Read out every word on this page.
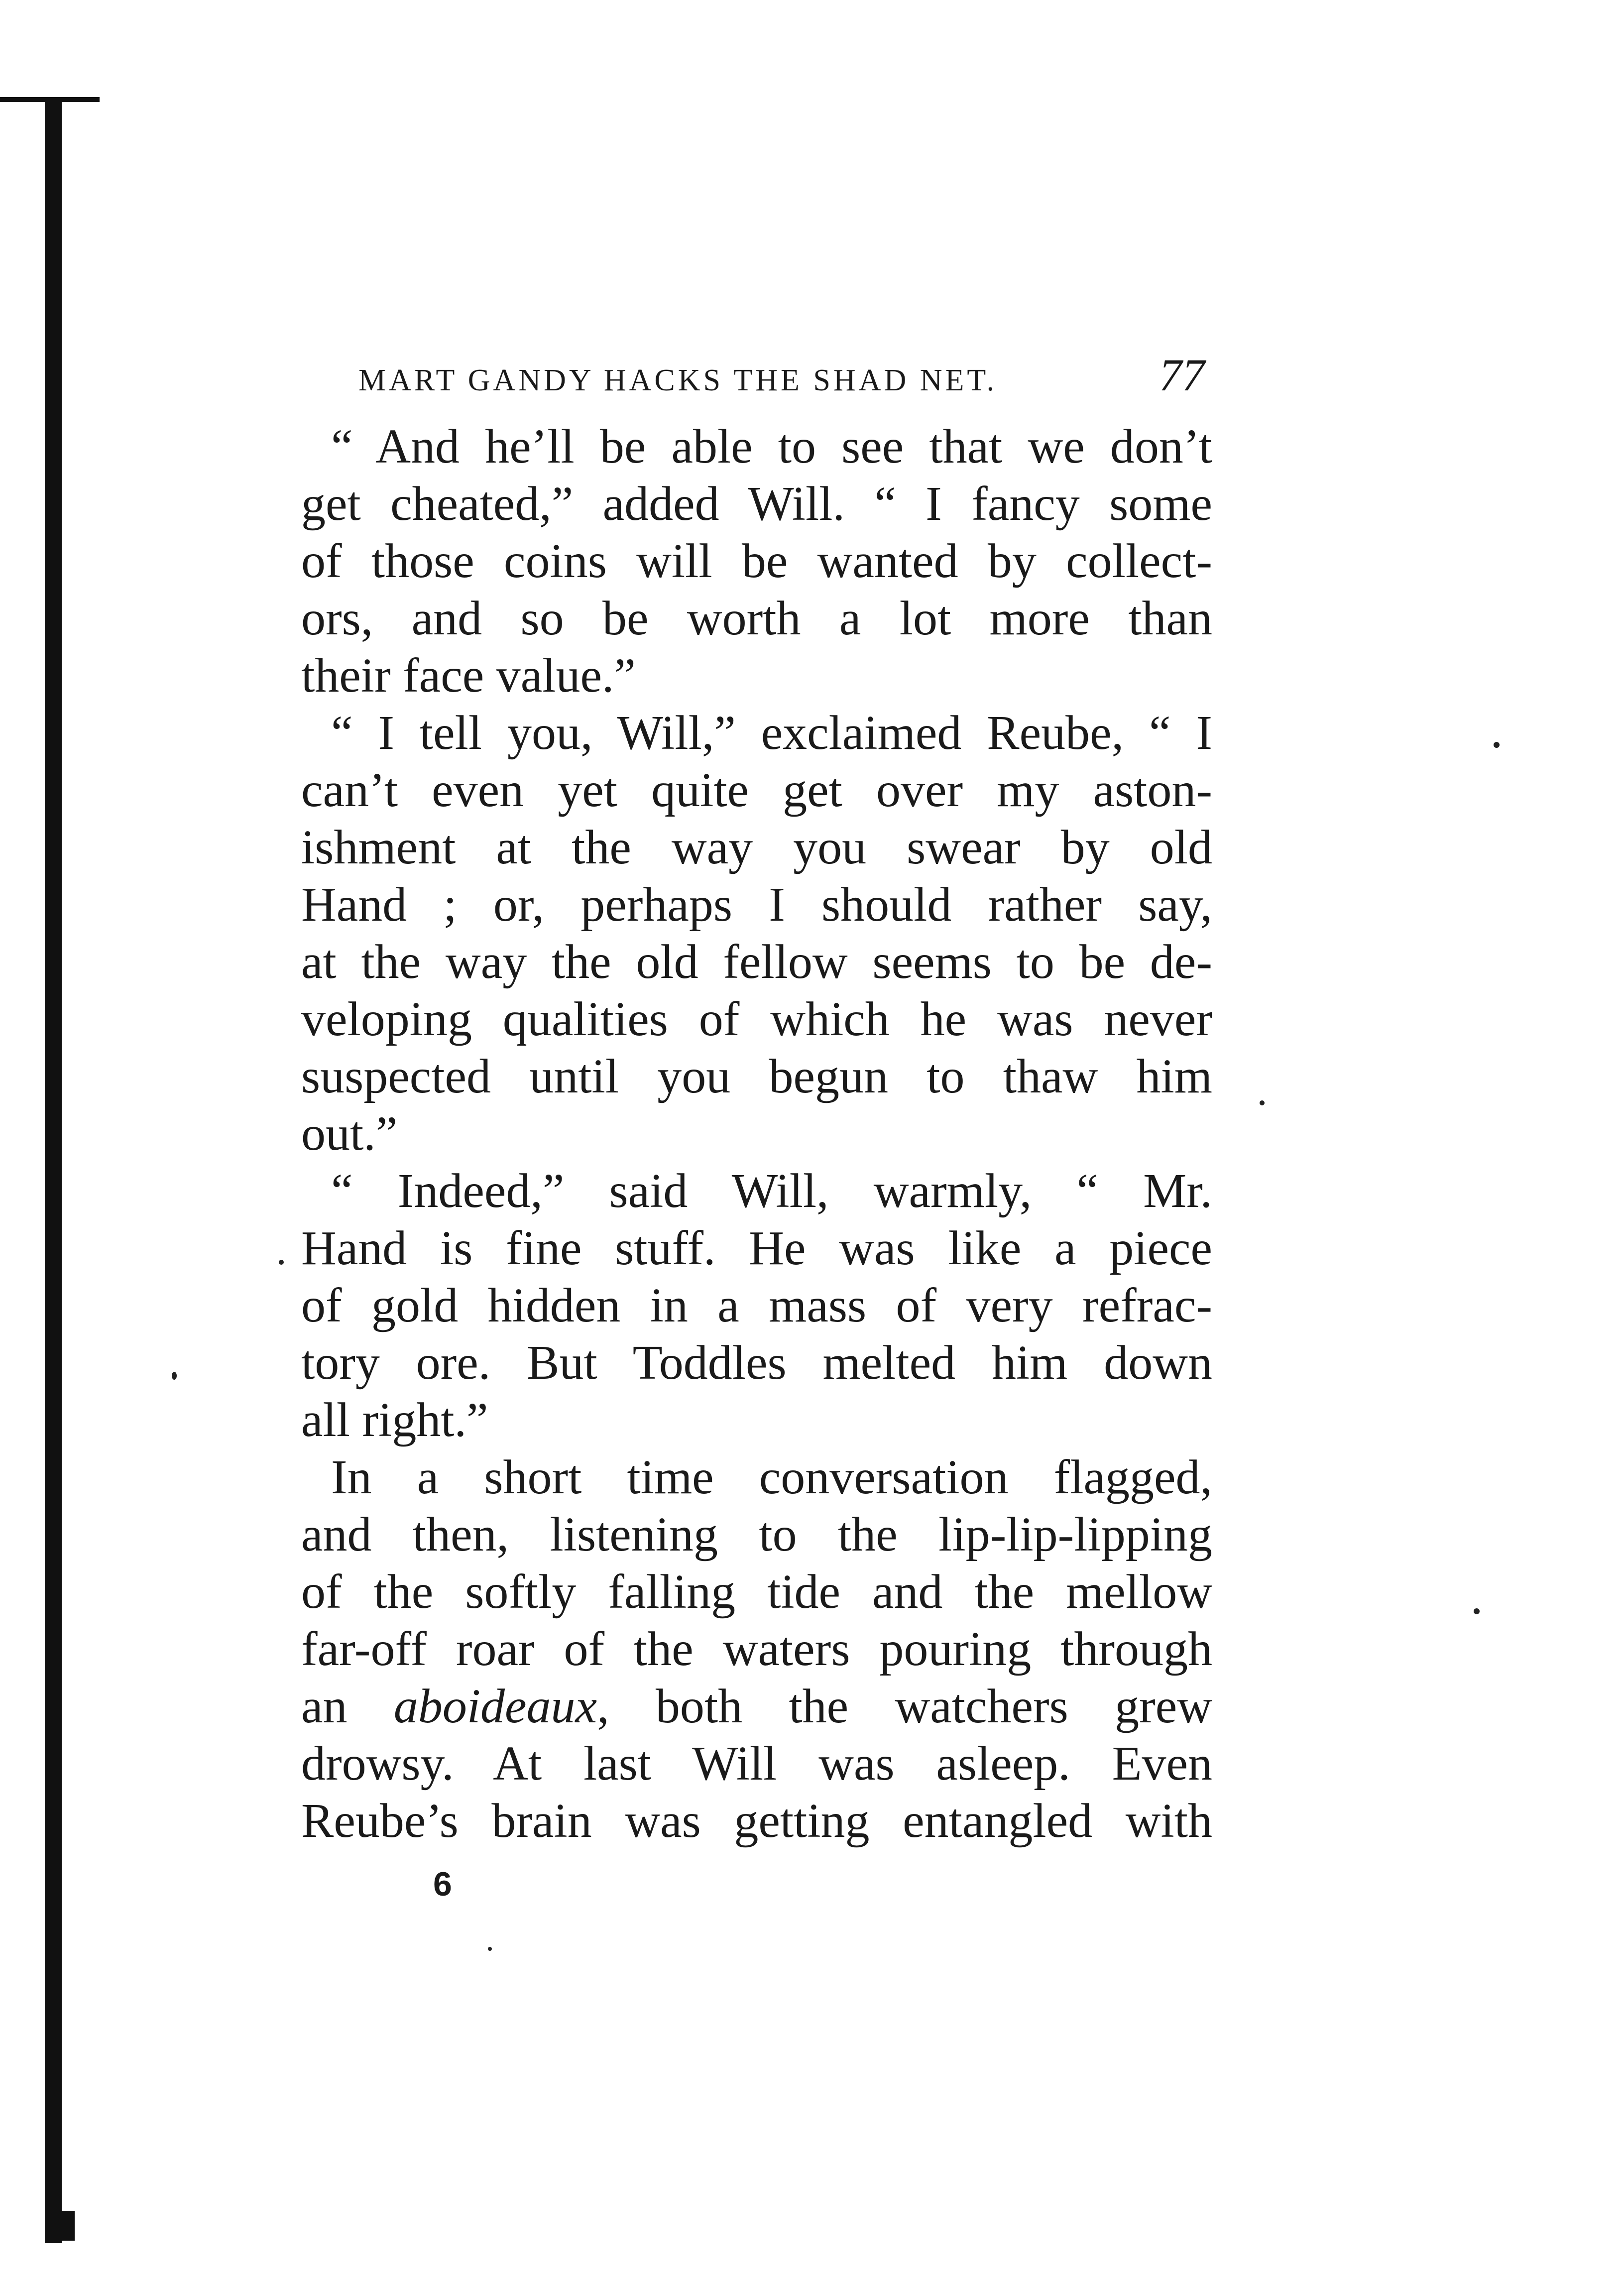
MART GANDY HACKS THE SHAD NET.	77
“ And he’ll be able to see that we don’t
get cheated,” added Will. “ I fancy some
of those coins will be wanted by collect-
ors, and so be worth a lot more than
their face value.”
“ I tell you, Will,” exclaimed Reube, “ I
can’t even yet quite get over my aston-
ishment at the way you swear by old
Hand ; or, perhaps I should rather say,
at the way the old fellow seems to be de-
veloping qualities of which he was never
suspected until you begun to thaw him
out.”
“ Indeed,” said Will, warmly, “ Mr.
Hand is fine stuff. He was like a piece
of gold hidden in a mass of very refrac-
tory ore. But Toddles melted him down
all right.”
In a short time conversation flagged,
and then, listening to the lip-lip-lipping
of the softly falling tide and the mellow
far-off roar of the waters pouring through
an aboideaux, both the watchers grew
drowsy. At last Will was asleep. Even
Reube’s brain was getting entangled with
6
